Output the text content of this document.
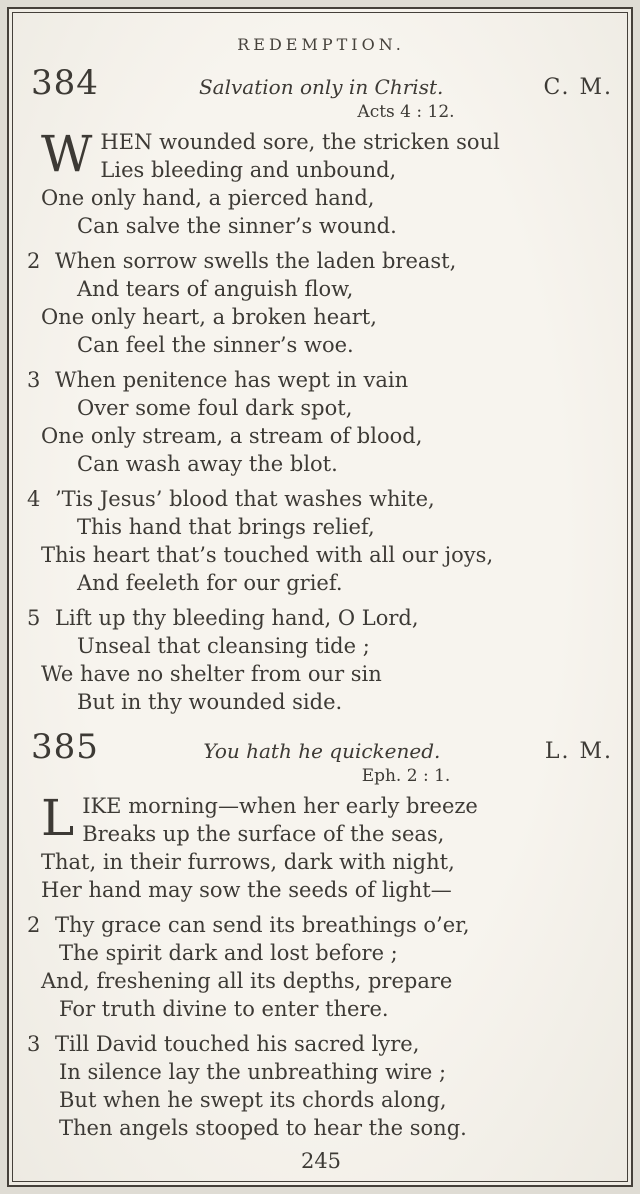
REDEMPTION.
384	Salvation only in Christ.	C. M.
Acts 4 : 12.
W HEN wounded sore, the stricken soul
Lies bleeding and unbound,
One only hand, a pierced hand,
Can salve the sinner’s wound.
2 When sorrow swells the laden breast,
And tears of anguish flow,
One only heart, a broken heart,
Can feel the sinner’s woe.
3 When penitence has wept in vain
Over some foul dark spot,
One only stream, a stream of blood,
Can wash away the blot.
4 ’Tis Jesus’ blood that washes white,
This hand that brings relief,
This heart that’s touched with all our joys,
And feeleth for our grief.
5 Lift up thy bleeding hand, O Lord,
Unseal that cleansing tide ;
We have no shelter from our sin
But in thy wounded side.
385	You hath he quickened.	L. M.
Eph. 2 : 1.
L IKE morning—when her early breeze
Breaks up the surface of the seas,
That, in their furrows, dark with night,
Her hand may sow the seeds of light—
2 Thy grace can send its breathings o’er,
The spirit dark and lost before ;
And, freshening all its depths, prepare
For truth divine to enter there.
3 Till David touched his sacred lyre,
In silence lay the unbreathing wire ;
But when he swept its chords along,
Then angels stooped to hear the song.
245
